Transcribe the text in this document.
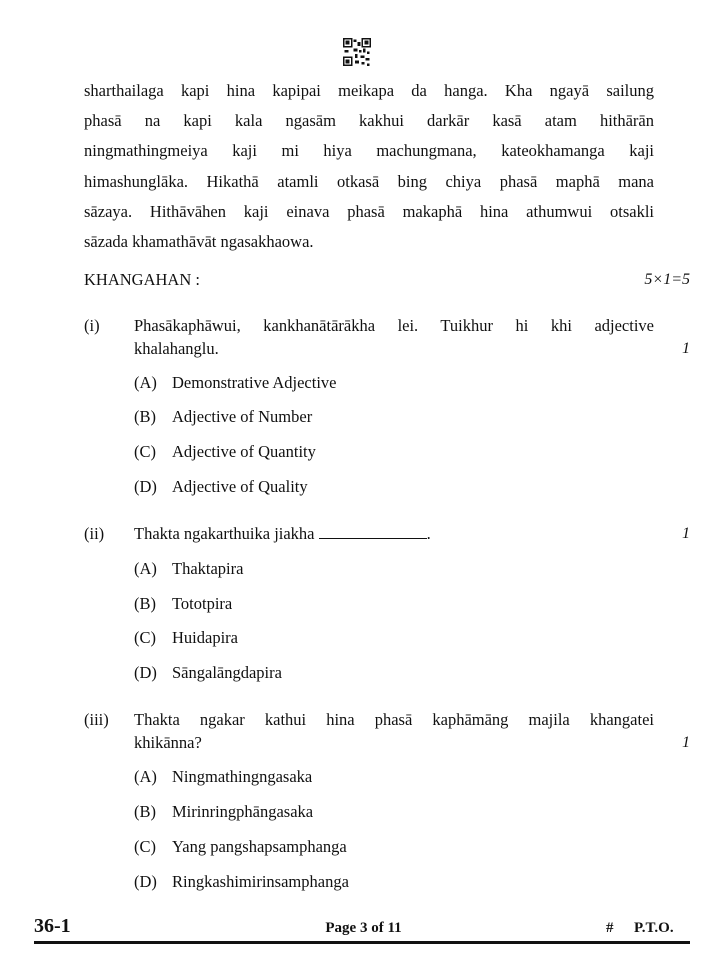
sharthailaga kapi hina kapipai meikapa da hanga. Kha ngayā sailung
phasā na kapi kala ngasām kakhui darkār kasā atam hithārān
ningmathingmeiya kaji mi hiya machungmana, kateokhamanga kaji
himashunglāka. Hikathā atamli otkasā bing chiya phasā maphā mana
sāzaya. Hithāvāhen kaji einava phasā makaphā hina athumwui otsakli
sāzada khamathāvāt ngasakhaowa.
KHANGAHAN :	5×1=5
(i) Phasākaphāwui, kankhanātārākha lei. Tuikhur hi khi adjective
khalahanglu.	1
(A) Demonstrative Adjective
(B) Adjective of Number
(C) Adjective of Quantity
(D) Adjective of Quality
(ii) Thakta ngakarthuika jiakha	.	1
(A) Thaktapira
(B) Tototpira
(C) Huidapira
(D) Sāngalāngdapira
(iii) Thakta ngakar kathui hina phasā kaphāmāng majila khangatei
khikānna?	1
(A) Ningmathingngasaka
(B) Mirinringphāngasaka
(C) Yang pangshapsamphanga
(D) Ringkashimirinsamphanga
36-1	Page 3 of 11	# P.T.O.
